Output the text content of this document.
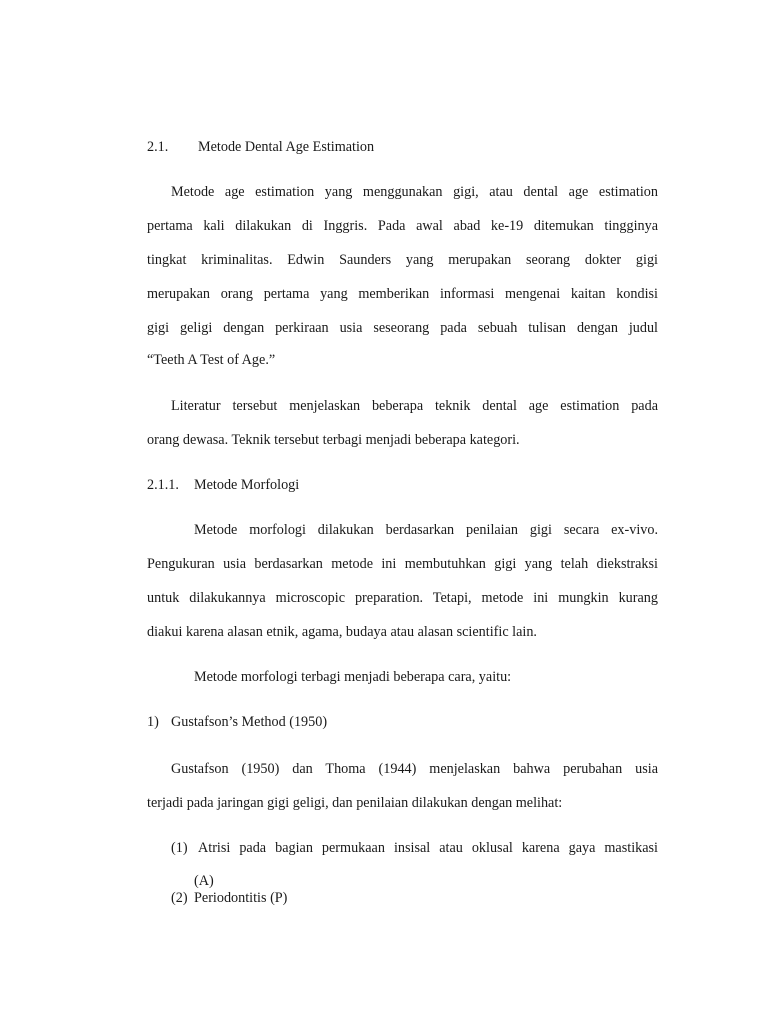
2.1. Metode Dental Age Estimation
Metode age estimation yang menggunakan gigi, atau dental age estimation
pertama kali dilakukan di Inggris. Pada awal abad ke-19 ditemukan tingginya
tingkat kriminalitas. Edwin Saunders yang merupakan seorang dokter gigi
merupakan orang pertama yang memberikan informasi mengenai kaitan kondisi
gigi geligi dengan perkiraan usia seseorang pada sebuah tulisan dengan judul
“Teeth A Test of Age.”
Literatur tersebut menjelaskan beberapa teknik dental age estimation pada
orang dewasa. Teknik tersebut terbagi menjadi beberapa kategori.
2.1.1. Metode Morfologi
Metode morfologi dilakukan berdasarkan penilaian gigi secara ex-vivo.
Pengukuran usia berdasarkan metode ini membutuhkan gigi yang telah diekstraksi
untuk dilakukannya microscopic preparation. Tetapi, metode ini mungkin kurang
diakui karena alasan etnik, agama, budaya atau alasan scientific lain.
Metode morfologi terbagi menjadi beberapa cara, yaitu:
1) Gustafson’s Method (1950)
Gustafson (1950) dan Thoma (1944) menjelaskan bahwa perubahan usia
terjadi pada jaringan gigi geligi, dan penilaian dilakukan dengan melihat:
(1) Atrisi pada bagian permukaan insisal atau oklusal karena gaya mastikasi
(A)
(2) Periodontitis (P)
